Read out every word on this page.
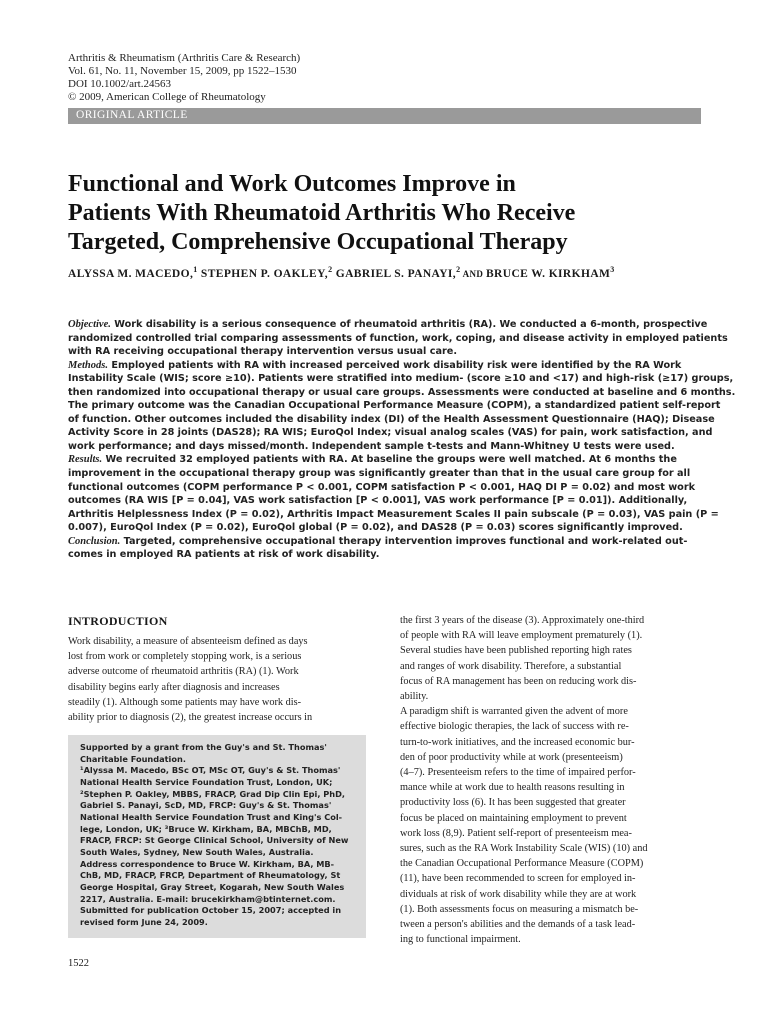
Arthritis & Rheumatism (Arthritis Care & Research)
Vol. 61, No. 11, November 15, 2009, pp 1522–1530
DOI 10.1002/art.24563
© 2009, American College of Rheumatology
ORIGINAL ARTICLE
Functional and Work Outcomes Improve in
Patients With Rheumatoid Arthritis Who Receive
Targeted, Comprehensive Occupational Therapy
ALYSSA M. MACEDO,$^1$ STEPHEN P. OAKLEY,$^2$ GABRIEL S. PANAYI,$^2$ AND BRUCE W. KIRKHAM$^3$
Objective. Work disability is a serious consequence of rheumatoid arthritis (RA). We conducted a 6-month, prospective
randomized controlled trial comparing assessments of function, work, coping, and disease activity in employed patients
with RA receiving occupational therapy intervention versus usual care.
Methods. Employed patients with RA with increased perceived work disability risk were identified by the RA Work
Instability Scale (WIS; score ≥10). Patients were stratified into medium- (score ≥10 and <17) and high-risk (≥17) groups,
then randomized into occupational therapy or usual care groups. Assessments were conducted at baseline and 6 months.
The primary outcome was the Canadian Occupational Performance Measure (COPM), a standardized patient self-report
of function. Other outcomes included the disability index (DI) of the Health Assessment Questionnaire (HAQ); Disease
Activity Score in 28 joints (DAS28); RA WIS; EuroQol Index; visual analog scales (VAS) for pain, work satisfaction, and
work performance; and days missed/month. Independent sample t-tests and Mann-Whitney U tests were used.
Results. We recruited 32 employed patients with RA. At baseline the groups were well matched. At 6 months the
improvement in the occupational therapy group was significantly greater than that in the usual care group for all
functional outcomes (COPM performance P < 0.001, COPM satisfaction P < 0.001, HAQ DI P = 0.02) and most work
outcomes (RA WIS [P = 0.04], VAS work satisfaction [P < 0.001], VAS work performance [P = 0.01]). Additionally,
Arthritis Helplessness Index (P = 0.02), Arthritis Impact Measurement Scales II pain subscale (P = 0.03), VAS pain (P =
0.007), EuroQol Index (P = 0.02), EuroQol global (P = 0.02), and DAS28 (P = 0.03) scores significantly improved.
Conclusion. Targeted, comprehensive occupational therapy intervention improves functional and work-related out-
comes in employed RA patients at risk of work disability.
INTRODUCTION
Work disability, a measure of absenteeism defined as days
lost from work or completely stopping work, is a serious
adverse outcome of rheumatoid arthritis (RA) (1). Work
disability begins early after diagnosis and increases
steadily (1). Although some patients may have work dis-
ability prior to diagnosis (2), the greatest increase occurs in
Supported by a grant from the Guy's and St. Thomas'
Charitable Foundation.
¹Alyssa M. Macedo, BSc OT, MSc OT, Guy's & St. Thomas'
National Health Service Foundation Trust, London, UK;
²Stephen P. Oakley, MBBS, FRACP, Grad Dip Clin Epi, PhD,
Gabriel S. Panayi, ScD, MD, FRCP: Guy's & St. Thomas'
National Health Service Foundation Trust and King's Col-
lege, London, UK; ³Bruce W. Kirkham, BA, MBChB, MD,
FRACP, FRCP: St George Clinical School, University of New
South Wales, Sydney, New South Wales, Australia.
Address correspondence to Bruce W. Kirkham, BA, MB-
ChB, MD, FRACP, FRCP, Department of Rheumatology, St
George Hospital, Gray Street, Kogarah, New South Wales
2217, Australia. E-mail: brucekirkham@btinternet.com.
Submitted for publication October 15, 2007; accepted in
revised form June 24, 2009.
the first 3 years of the disease (3). Approximately one-third
of people with RA will leave employment prematurely (1).
Several studies have been published reporting high rates
and ranges of work disability. Therefore, a substantial
focus of RA management has been on reducing work dis-
ability.
A paradigm shift is warranted given the advent of more
effective biologic therapies, the lack of success with re-
turn-to-work initiatives, and the increased economic bur-
den of poor productivity while at work (presenteeism)
(4–7). Presenteeism refers to the time of impaired perfor-
mance while at work due to health reasons resulting in
productivity loss (6). It has been suggested that greater
focus be placed on maintaining employment to prevent
work loss (8,9). Patient self-report of presenteeism mea-
sures, such as the RA Work Instability Scale (WIS) (10) and
the Canadian Occupational Performance Measure (COPM)
(11), have been recommended to screen for employed in-
dividuals at risk of work disability while they are at work
(1). Both assessments focus on measuring a mismatch be-
tween a person's abilities and the demands of a task lead-
ing to functional impairment.
1522
